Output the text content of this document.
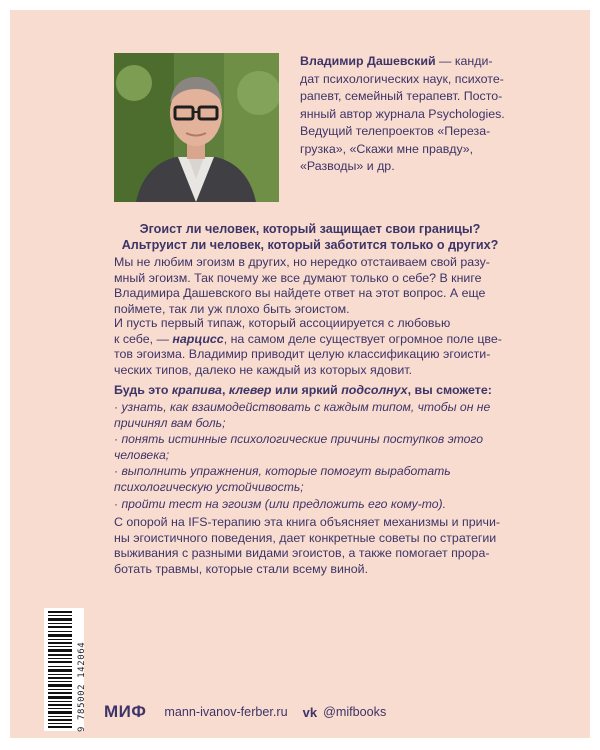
Владимир Дашевский — канди-

дат психологических наук, психоте-

рапевт, семейный терапевт. Посто-

янный автор журнала Psychologies.

Ведущий телепроектов «Переза-

грузка», «Скажи мне правду»,

«Разводы» и др.

Эгоист ли человек, который защищает свои границы?
Альтруист ли человек, который заботится только о других?
Мы не любим эгоизм в других, но нередко отстаиваем свой разу-
мный эгоизм. Так почему же все думают только о себе? В книге
Владимира Дашевского вы найдете ответ на этот вопрос. А еще
поймете, так ли уж плохо быть эгоистом.
И пусть первый типаж, который ассоциируется с любовью
к себе, — нарцисс, на самом деле существует огромное поле цве-
тов эгоизма. Владимир приводит целую классификацию эгоисти-
ческих типов, далеко не каждый из которых ядовит.
Будь это крапива, клевер или яркий подсолнух, вы сможете:
· узнать, как взаимодействовать с каждым типом, чтобы он не
причинял вам боль;
· понять истинные психологические причины поступков этого
человека;
· выполнить упражнения, которые помогут выработать
психологическую устойчивость;
· пройти тест на эгоизм (или предложить его кому-то).
С опорой на IFS-терапию эта книга объясняет механизмы и причи-
ны эгоистичного поведения, дает конкретные советы по стратегии
выживания с разными видами эгоистов, а также помогает прора-
ботать травмы, которые стали всему виной.
9 785002 142064 МИФ mann-ivanov-ferber.ru vk @mifbooks
